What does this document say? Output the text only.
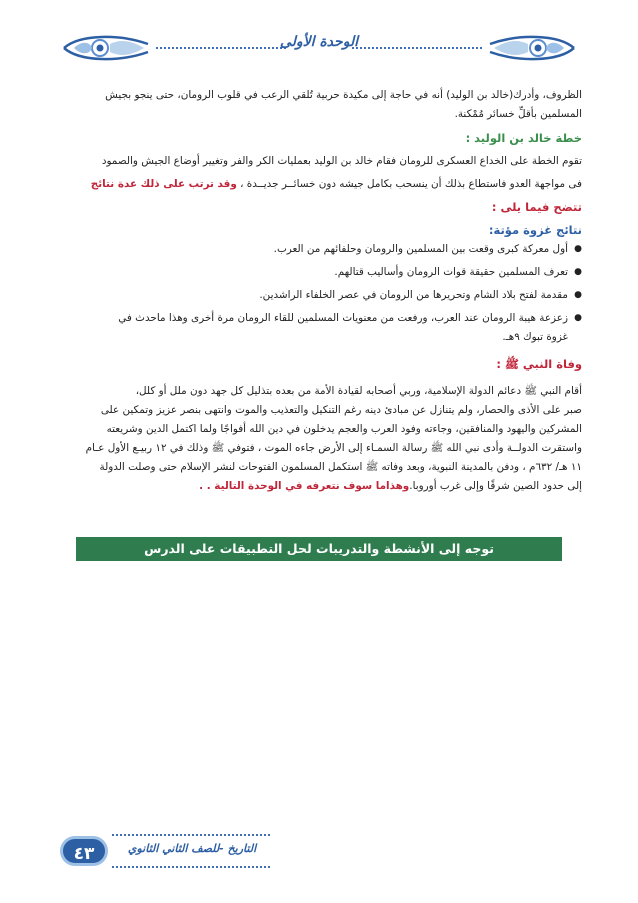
الوحدة الأولى

الظروف، وأدرك(خالد بن الوليد) أنه في حاجة إلى مكيدة حربية تُلقي الرعب في قلوب الرومان، حتى ينجو بجيش

المسلمين بأقلِّ خسائر مُمْكنة.

خطة خالد بن الوليد :

تقوم الخطة على الخداع العسكرى للرومان فقام خالد بن الوليد بعمليات الكر والفر وتغيير أوضاع الجيش والصمود

فى مواجهة العدو فاستطاع بذلك أن ينسحب بكامل جيشه دون خسائــر جديــدة ، وقد ترتب على ذلك عدة نتائج

تتضح فيما يلى :

نتائج غزوة مؤتة:

● أول معركة كبرى وقعت بين المسلمين والرومان وحلفائهم من العرب.

● تعرف المسلمين حقيقة قوات الرومان وأساليب قتالهم.

● مقدمة لفتح بلاد الشام وتحريرها من الرومان في عصر الخلفاء الراشدين.

● زعزعة هيبة الرومان عند العرب، ورفعت من معنويات المسلمين للقاء الرومان مرة أخرى وهذا ماحدث في

غزوة تبوك ٩هـ.

وفاة النبي ﷺ :

أقام النبي ﷺ دعائم الدولة الإسلامية، وربي أصحابه لقيادة الأمة من بعده بتذليل كل جهد دون ملل أو كلل،

صبر على الأذى والحصار، ولم يتنازل عن مبادئ دينه رغم التنكيل والتعذيب والموت وانتهى بنصر عزيز وتمكين على

المشركين واليهود والمنافقين، وجاءته وفود العرب والعجم يدخلون في دين الله أفواجًا ولما اكتمل الدين وشريعته

واستقرت الدولــة وأدى نبي الله ﷺ رسالة السمـاء إلى الأرض جاءه الموت ، فتوفي ﷺ وذلك في ١٢ ربيـع الأول عـام

١١ هـ/ ٦٣٢م ، ودفن بالمدينة النبوية، وبعد وفاته ﷺ استكمل المسلمون الفتوحات لنشر الإسلام حتى وصلت الدولة

إلى حدود الصين شرقًا وإلى غرب أوروبا.وهذاما سوف نتعرفه في الوحدة التالية . .

توجه إلى الأنشطة والتدريبات لحل التطبيقات على الدرس
٤٣	التاريخ -للصف الثاني الثانوي
